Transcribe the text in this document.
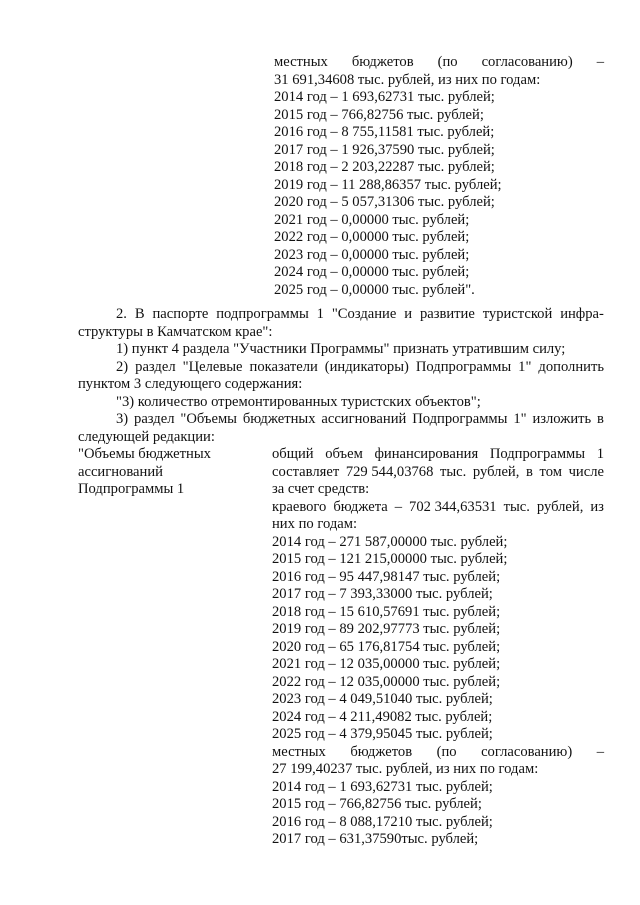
местных бюджетов (по согласованию) –
31 691,34608 тыс. рублей, из них по годам:
2014 год – 1 693,62731 тыс. рублей;
2015 год – 766,82756 тыс. рублей;
2016 год – 8 755,11581 тыс. рублей;
2017 год – 1 926,37590 тыс. рублей;
2018 год – 2 203,22287 тыс. рублей;
2019 год – 11 288,86357 тыс. рублей;
2020 год – 5 057,31306 тыс. рублей;
2021 год – 0,00000 тыс. рублей;
2022 год – 0,00000 тыс. рублей;
2023 год – 0,00000 тыс. рублей;
2024 год – 0,00000 тыс. рублей;
2025 год – 0,00000 тыс. рублей".
2. В паспорте подпрограммы 1 "Создание и развитие туристской инфра-
структуры в Камчатском крае":
1) пункт 4 раздела "Участники Программы" признать утратившим силу;
2) раздел "Целевые показатели (индикаторы) Подпрограммы 1" дополнить
пунктом 3 следующего содержания:
"3) количество отремонтированных туристских объектов";
3) раздел "Объемы бюджетных ассигнований Подпрограммы 1" изложить в
следующей редакции:
"Объемы бюджетных
ассигнований
Подпрограммы 1
общий объем финансирования Подпрограммы 1
составляет 729 544,03768 тыс. рублей, в том числе
за счет средств:
краевого бюджета – 702 344,63531 тыс. рублей, из
них по годам:
2014 год – 271 587,00000 тыс. рублей;
2015 год – 121 215,00000 тыс. рублей;
2016 год – 95 447,98147 тыс. рублей;
2017 год – 7 393,33000 тыс. рублей;
2018 год – 15 610,57691 тыс. рублей;
2019 год – 89 202,97773 тыс. рублей;
2020 год – 65 176,81754 тыс. рублей;
2021 год – 12 035,00000 тыс. рублей;
2022 год – 12 035,00000 тыс. рублей;
2023 год – 4 049,51040 тыс. рублей;
2024 год – 4 211,49082 тыс. рублей;
2025 год – 4 379,95045 тыс. рублей;
местных бюджетов (по согласованию) –
27 199,40237 тыс. рублей, из них по годам:
2014 год – 1 693,62731 тыс. рублей;
2015 год – 766,82756 тыс. рублей;
2016 год – 8 088,17210 тыс. рублей;
2017 год – 631,37590тыс. рублей;
